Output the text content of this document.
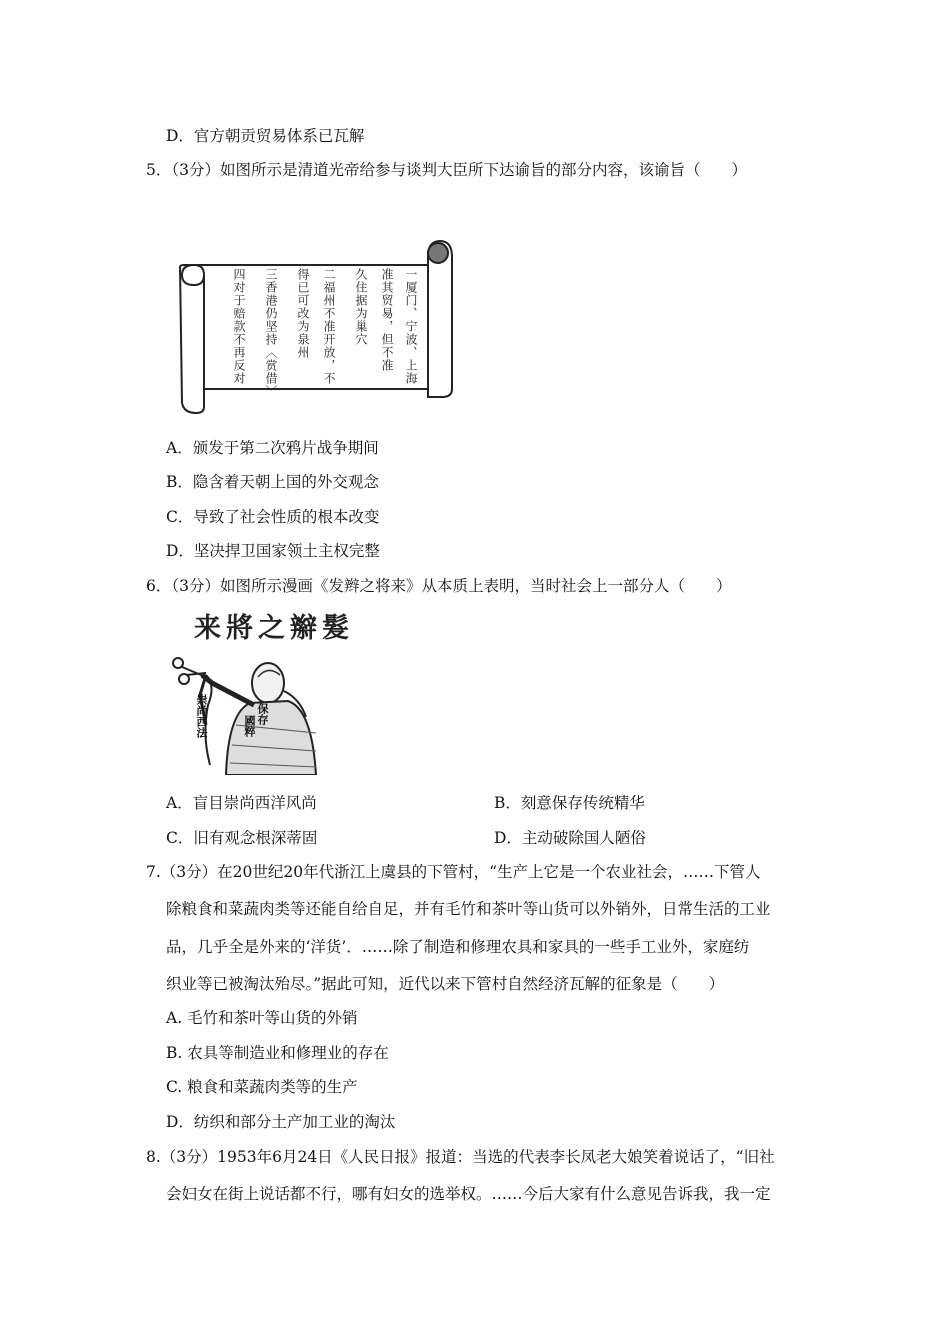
D．官方朝贡贸易体系已瓦解
5．（3分）如图所示是清道光帝给参与谈判大臣所下达谕旨的部分内容，该谕旨（　　）
一厦门、宁波、上海
准其贸易，但不准
久住据为巢穴
二福州不准开放，不
得已可改为泉州
三香港仍坚持〈赏借〉
四对于赔款不再反对
A．颁发于第二次鸦片战争期间
B．隐含着天朝上国的外交观念
C．导致了社会性质的根本改变
D．坚决捍卫国家领土主权完整
6．（3分）如图所示漫画《发辫之将来》从本质上表明，当时社会上一部分人（　　）
来將之辮髮
崇尚西法	保存
國粹
A．盲目崇尚西洋风尚	B．刻意保存传统精华
C．旧有观念根深蒂固	D．主动破除国人陋俗
7.（3分）在20世纪20年代浙江上虞县的下管村，“生产上它是一个农业社会，……下管人
除粮食和菜蔬肉类等还能自给自足，并有毛竹和茶叶等山货可以外销外，日常生活的工业
品，几乎全是外来的‘洋货’．……除了制造和修理农具和家具的一些手工业外，家庭纺
织业等已被淘汰殆尽。”据此可知，近代以来下管村自然经济瓦解的征象是（　　）
A. 毛竹和茶叶等山货的外销
B. 农具等制造业和修理业的存在
C. 粮食和菜蔬肉类等的生产
D．纺织和部分土产加工业的淘汰
8.（3分）1953年6月24日《人民日报》报道：当选的代表李长凤老大娘笑着说话了，“旧社
会妇女在街上说话都不行，哪有妇女的选举权。……今后大家有什么意见告诉我，我一定
